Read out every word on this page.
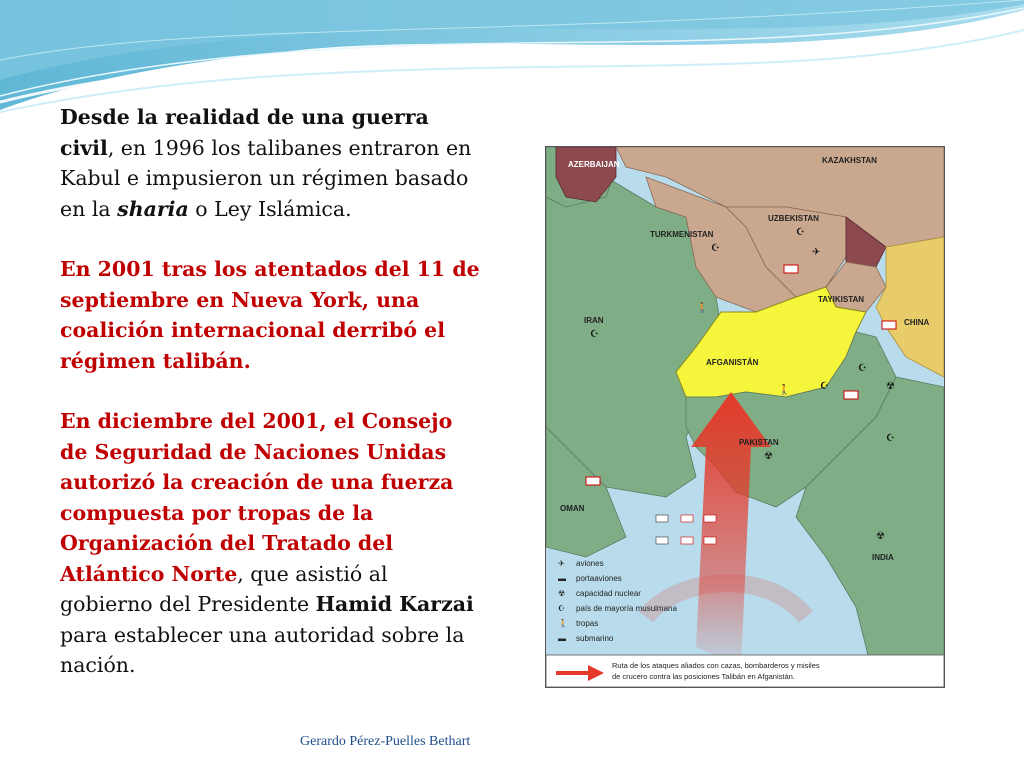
Desde la realidad de una guerra civil, en 1996 los talibanes entraron en Kabul e impusieron un régimen basado en la sharia o Ley Islámica.

En 2001 tras los atentados del 11 de septiembre en Nueva York, una coalición internacional derribó el régimen talibán.

En diciembre del 2001, el Consejo de Seguridad de Naciones Unidas autorizó la creación de una fuerza compuesta por tropas de la Organización del Tratado del Atlántico Norte, que asistió al gobierno del Presidente Hamid Karzai para establecer una autoridad sobre la nación.

AZERBAIJAN	KAZAKHSTAN
UZBEKISTAN
TURKMENISTAN
TAYIKISTAN
IRAN	CHINA
AFGANISTÁN
PAKISTAN
OMAN
INDIA
☪
☪
☪
☪
☪
☪
✈
☢
☢
☢
🚶
🚶
✈ aviones
▬ portaaviones
☢ capacidad nuclear
☪ país de mayoría musulmana
🚶 tropas
▬ submarino
Ruta de los ataques aliados con cazas, bombarderos y misiles
de crucero contra las posiciones Talibán en Afganistán.
Gerardo Pérez-Puelles Bethart
